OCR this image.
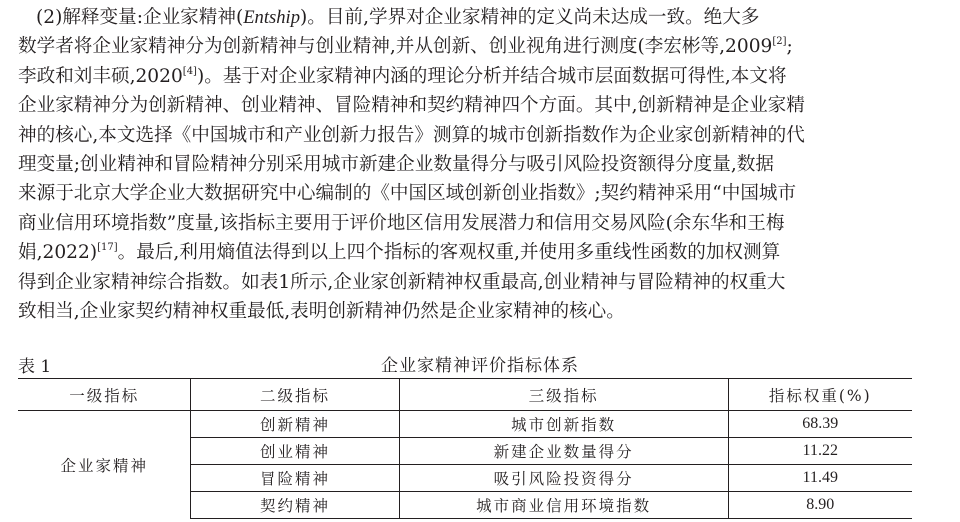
(2)解释变量:企业家精神(Entship)。目前,学界对企业家精神的定义尚未达成一致。绝大多
数学者将企业家精神分为创新精神与创业精神,并从创新、创业视角进行测度(李宏彬等,2009[2];
李政和刘丰硕,2020[4])。基于对企业家精神内涵的理论分析并结合城市层面数据可得性,本文将
企业家精神分为创新精神、创业精神、冒险精神和契约精神四个方面。其中,创新精神是企业家精
神的核心,本文选择《中国城市和产业创新力报告》测算的城市创新指数作为企业家创新精神的代
理变量;创业精神和冒险精神分别采用城市新建企业数量得分与吸引风险投资额得分度量,数据
来源于北京大学企业大数据研究中心编制的《中国区域创新创业指数》;契约精神采用“中国城市
商业信用环境指数”度量,该指标主要用于评价地区信用发展潜力和信用交易风险(余东华和王梅
娟,2022)[17]。最后,利用熵值法得到以上四个指标的客观权重,并使用多重线性函数的加权测算
得到企业家精神综合指数。如表1所示,企业家创新精神权重最高,创业精神与冒险精神的权重大
致相当,企业家契约精神权重最低,表明创新精神仍然是企业家精神的核心。
表 1	企业家精神评价指标体系
一级指标	二级指标	三级指标	指标权重(%)
企业家精神	创新精神	城市创新指数	68.39
	创业精神	新建企业数量得分	11.22
	冒险精神	吸引风险投资得分	11.49
	契约精神	城市商业信用环境指数	8.90
